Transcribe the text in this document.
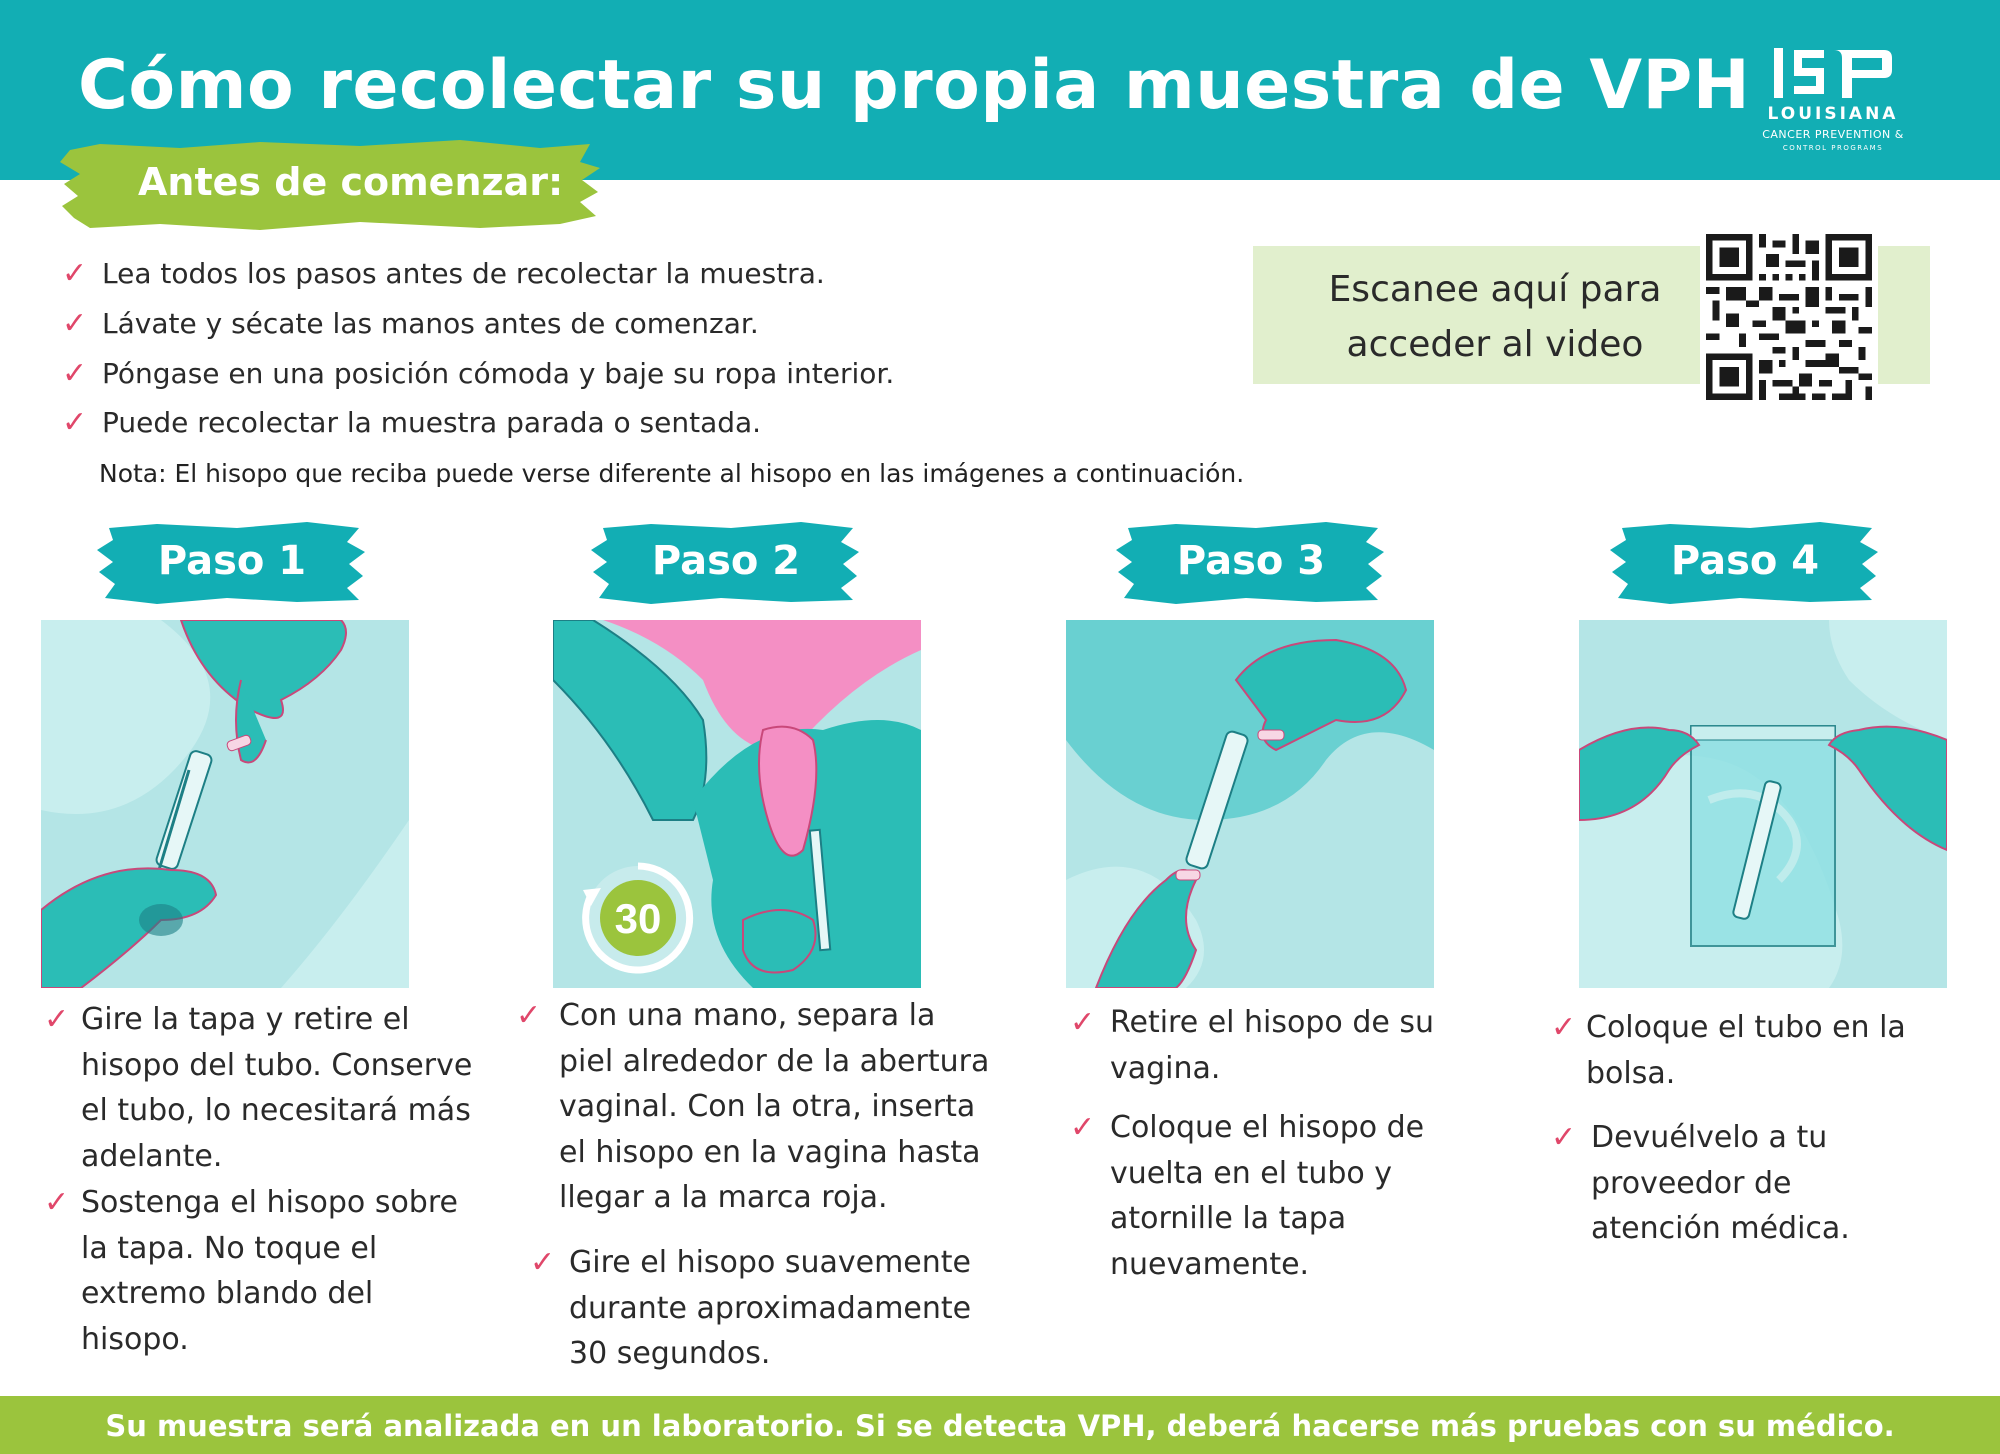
Cómo recolectar su propia muestra de VPH	LOUISIANA
CANCER PREVENTION &
CONTROL PROGRAMS
Antes de comenzar:
✓ Lea todos los pasos antes de recolectar la muestra.
✓ Lávate y sécate las manos antes de comenzar.
✓ Póngase en una posición cómoda y baje su ropa interior.
✓ Puede recolectar la muestra parada o sentada.
Nota: El hisopo que reciba puede verse diferente al hisopo en las imágenes a continuación.
Escanee aquí para
acceder al video
Paso 1	Paso 2	Paso 3	Paso 4
30
✓ Gire la tapa y retire el
hisopo del tubo. Conserve
el tubo, lo necesitará más
adelante.
✓ Sostenga el hisopo sobre
la tapa. No toque el
extremo blando del
hisopo.
✓ Con una mano, separa la
piel alrededor de la abertura
vaginal. Con la otra, inserta
el hisopo en la vagina hasta
llegar a la marca roja.
✓ Gire el hisopo suavemente
durante aproximadamente
30 segundos.
✓ Retire el hisopo de su
vagina.
✓ Coloque el hisopo de
vuelta en el tubo y
atornille la tapa
nuevamente.
✓ Coloque el tubo en la
bolsa.
✓ Devuélvelo a tu
proveedor de
atención médica.
Su muestra será analizada en un laboratorio. Si se detecta VPH, deberá hacerse más pruebas con su médico.
